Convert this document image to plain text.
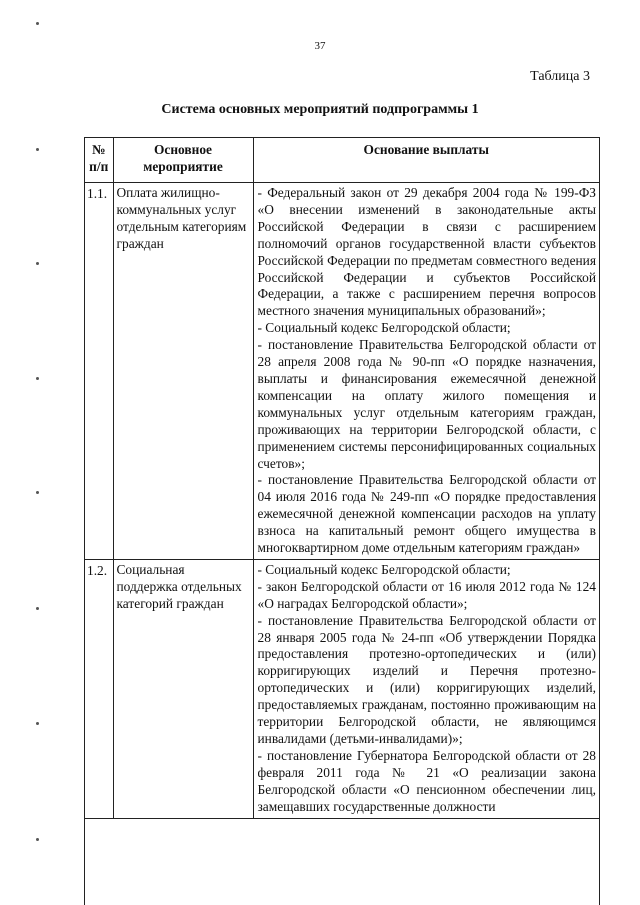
37
Таблица 3
Система основных мероприятий подпрограммы 1
№ п/п	Основное мероприятие	Основание выплаты
1.1.	Оплата жилищно-коммунальных услуг отдельным категориям граждан	- Федеральный закон от 29 декабря 2004 года № 199-ФЗ «О внесении изменений в законодательные акты Российской Федерации в связи с расширением полномочий органов государственной власти субъектов Российской Федерации по предметам совместного ведения Российской Федерации и субъектов Российской Федерации, а также с расширением перечня вопросов местного значения муниципальных образований»;
- Социальный кодекс Белгородской области;
- постановление Правительства Белгородской области от 28 апреля 2008 года № 90-пп «О порядке назначения, выплаты и финансирования ежемесячной денежной компенсации на оплату жилого помещения и коммунальных услуг отдельным категориям граждан, проживающих на территории Белгородской области, с применением системы персонифицированных социальных счетов»;
- постановление Правительства Белгородской области от 04 июля 2016 года № 249-пп «О порядке предоставления ежемесячной денежной компенсации расходов на уплату взноса на капитальный ремонт общего имущества в многоквартирном доме отдельным категориям граждан»

1.2.	Социальная поддержка отдельных категорий граждан	- Социальный кодекс Белгородской области;
- закон Белгородской области от 16 июля 2012 года № 124 «О наградах Белгородской области»;
- постановление Правительства Белгородской области от 28 января 2005 года № 24-пп «Об утверждении Порядка предоставления протезно-ортопедических и (или) корригирующих изделий и Перечня протезно-ортопедических и (или) корригирующих изделий, предоставляемых гражданам, постоянно проживающим на территории Белгородской области, не являющимся инвалидами (детьми-инвалидами)»;
- постановление Губернатора Белгородской области от 28 февраля 2011 года № 21 «О реализации закона Белгородской области «О пенсионном обеспечении лиц, замещавших государственные должности
